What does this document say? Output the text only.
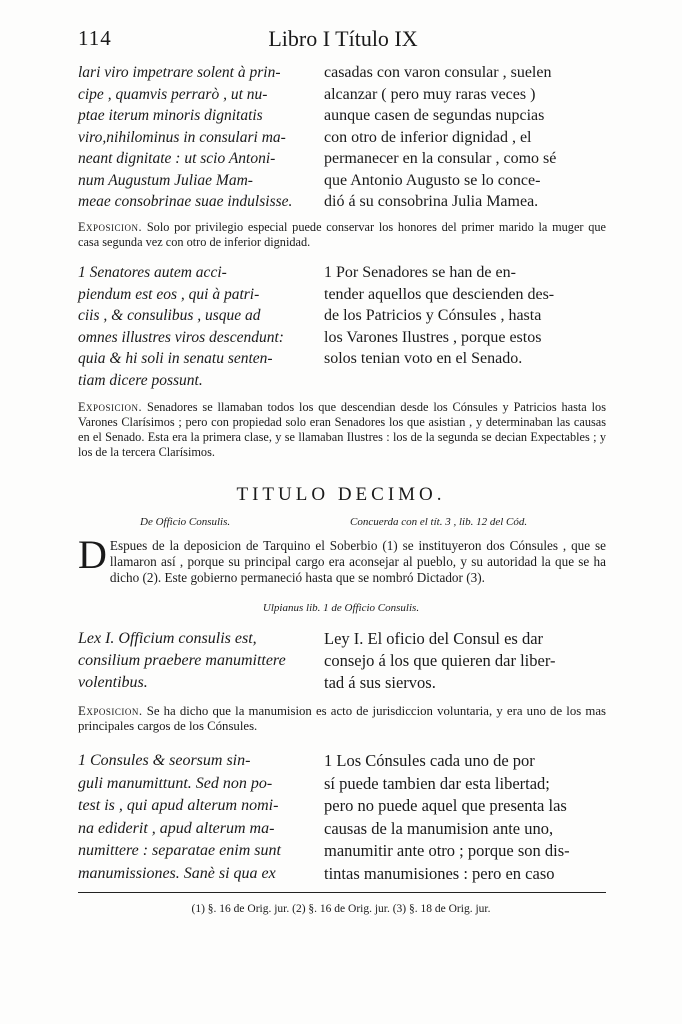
114	Libro I Título IX
lari viro impetrare solent à prin-
cipe , quamvis perrarò , ut nu-
ptae iterum minoris dignitatis
viro,nihilominus in consulari ma-
neant dignitate : ut scio Antoni-
num Augustum Juliae Mam-
meae consobrinae suae indulsisse.
casadas con varon consular , suelen
alcanzar ( pero muy raras veces )
aunque casen de segundas nupcias
con otro de inferior dignidad , el
permanecer en la consular , como sé
que Antonio Augusto se lo conce-
dió á su consobrina Julia Mamea.
Exposicion. Solo por privilegio especial puede conservar los honores del primer marido la muger que casa segunda vez con otro de inferior dignidad.
1 Senatores autem acci-
piendum est eos , qui à patri-
ciis , & consulibus , usque ad
omnes illustres viros descendunt:
quia & hi soli in senatu senten-
tiam dicere possunt.
1 Por Senadores se han de en-
tender aquellos que descienden des-
de los Patricios y Cónsules , hasta
los Varones Ilustres , porque estos
solos tenian voto en el Senado.
Exposicion. Senadores se llamaban todos los que descendian desde los Cónsules y Patricios hasta los Varones Clarísimos ; pero con propiedad solo eran Senadores los que asistian , y determinaban las causas en el Senado. Esta era la primera clase, y se llamaban Ilustres : los de la segunda se decian Expectables ; y los de la tercera Clarísimos.
TITULO DECIMO.
De Officio Consulis.	Concuerda con el tít. 3 , lib. 12 del Cód.
D Espues de la deposicion de Tarquino el Soberbio (1) se instituyeron dos Cónsules , que se llamaron así , porque su principal cargo era aconsejar al pueblo, y su autoridad la que se ha dicho (2). Este gobierno permaneció hasta que se nombró Dictador (3).
Ulpianus lib. 1 de Officio Consulis.
Lex I. Officium consulis est,
consilium praebere manumittere
volentibus.
Ley I. El oficio del Consul es dar
consejo á los que quieren dar liber-
tad á sus siervos.
Exposicion. Se ha dicho que la manumision es acto de jurisdiccion voluntaria, y era uno de los mas principales cargos de los Cónsules.
1 Consules & seorsum sin-
guli manumittunt. Sed non po-
test is , qui apud alterum nomi-
na ediderit , apud alterum ma-
numittere : separatae enim sunt
manumissiones. Sanè si qua ex
1 Los Cónsules cada uno de por
sí puede tambien dar esta libertad;
pero no puede aquel que presenta las
causas de la manumision ante uno,
manumitir ante otro ; porque son dis-
tintas manumisiones : pero en caso
(1) §. 16 de Orig. jur. (2) §. 16 de Orig. jur. (3) §. 18 de Orig. jur.
